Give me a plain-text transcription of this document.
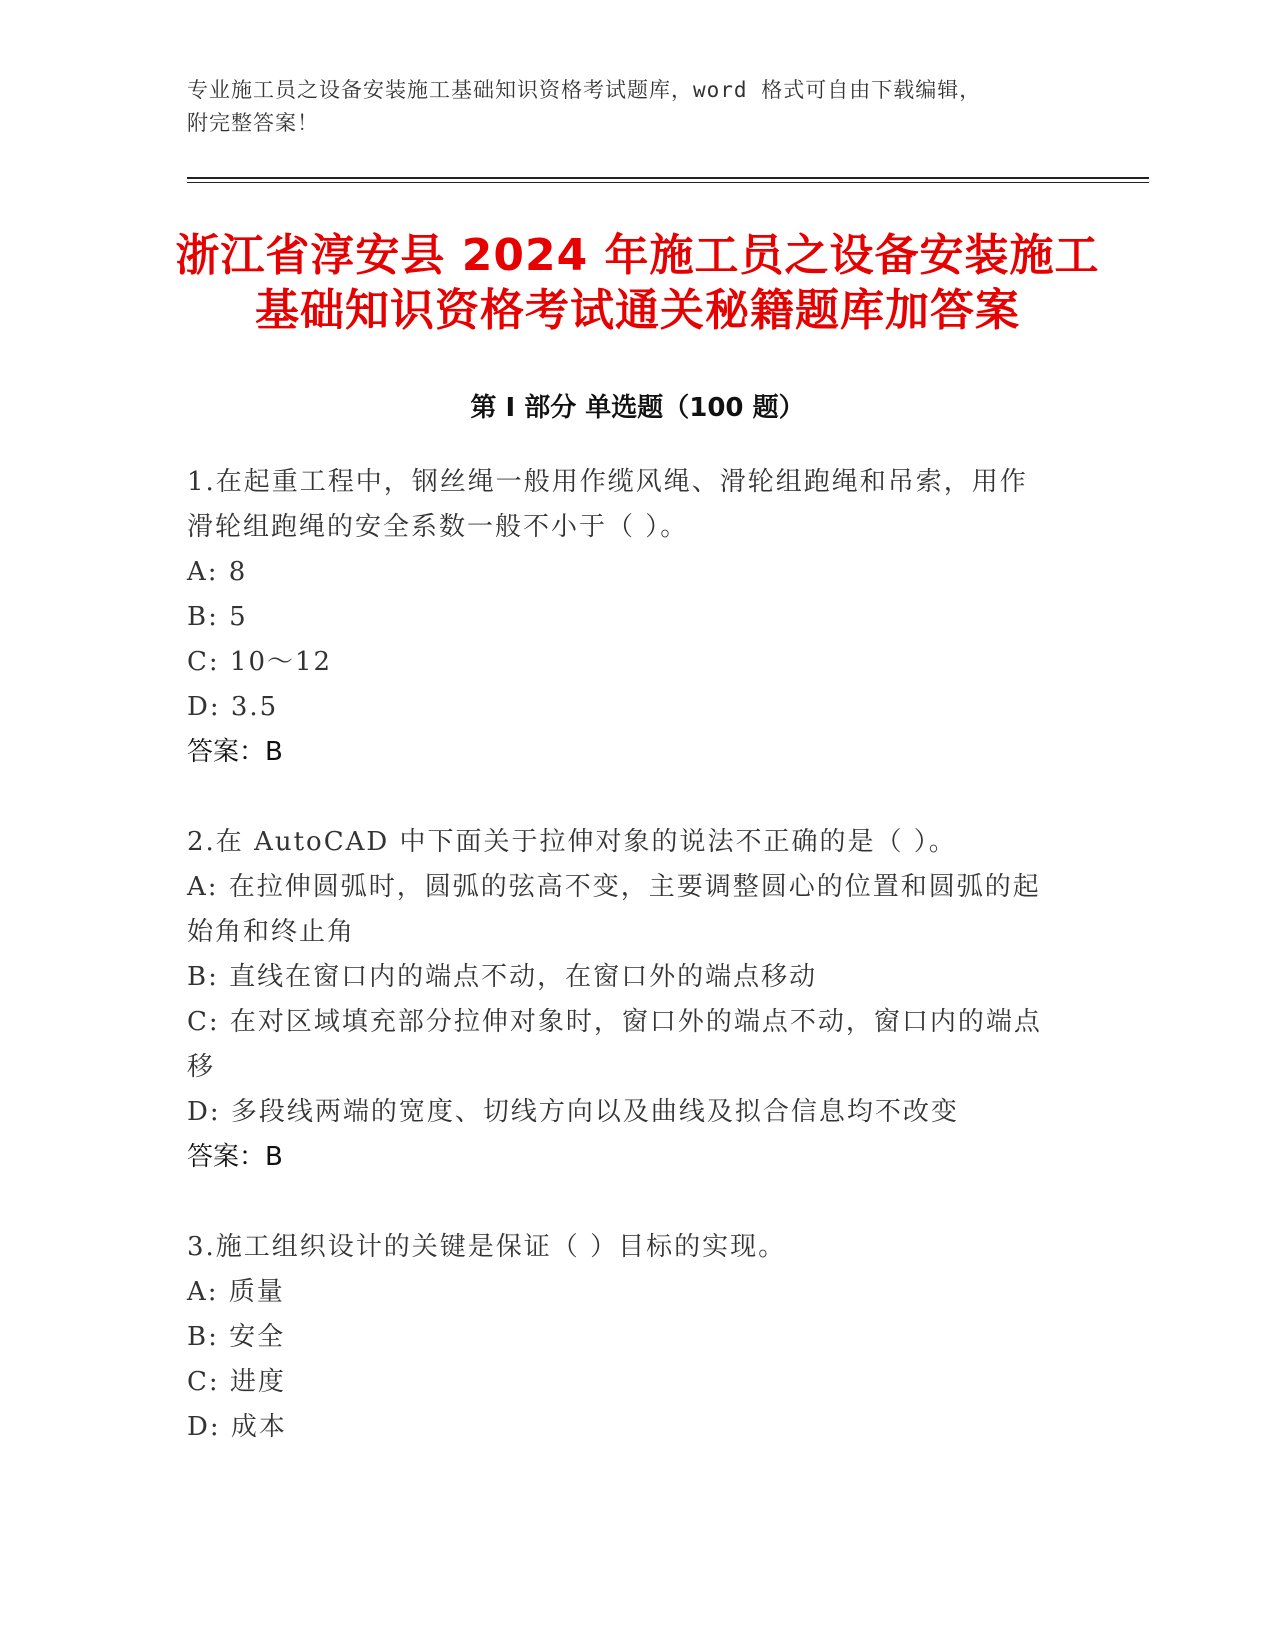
专业施工员之设备安装施工基础知识资格考试题库，word 格式可自由下载编辑，
附完整答案！
浙江省淳安县 2024 年施工员之设备安装施工
基础知识资格考试通关秘籍题库加答案
第 I 部分 单选题（100 题）
1.在起重工程中，钢丝绳一般用作缆风绳、滑轮组跑绳和吊索，用作
滑轮组跑绳的安全系数一般不小于（ ）。
A: 8
B: 5
C: 10～12
D: 3.5
答案：B
2.在 AutoCAD 中下面关于拉伸对象的说法不正确的是（ ）。
A: 在拉伸圆弧时，圆弧的弦高不变，主要调整圆心的位置和圆弧的起
始角和终止角
B: 直线在窗口内的端点不动，在窗口外的端点移动
C: 在对区域填充部分拉伸对象时，窗口外的端点不动，窗口内的端点
移
D: 多段线两端的宽度、切线方向以及曲线及拟合信息均不改变
答案：B
3.施工组织设计的关键是保证（ ）目标的实现。
A: 质量
B: 安全
C: 进度
D: 成本
